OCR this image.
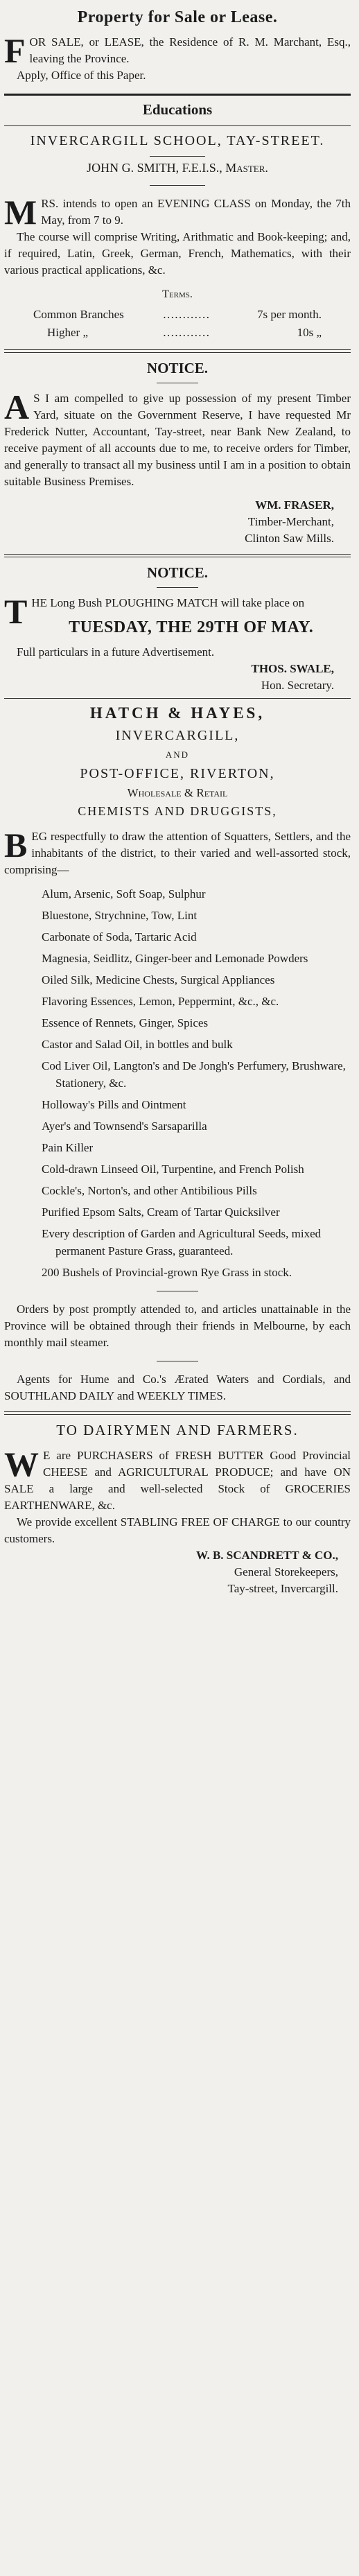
Property for Sale or Lease.

FOR SALE, or LEASE, the Residence of R. M. Marchant, Esq., leaving the Province.

Apply, Office of this Paper.

Educations
INVERCARGILL SCHOOL, TAY-STREET.
JOHN G. SMITH, F.E.I.S., Master.

MRS. intends to open an EVENING CLASS on Monday, the 7th May, from 7 to 9.

The course will comprise Writing, Arithmatic and Book-keeping; and, if required, Latin, Greek, German, French, Mathematics, with their various practical applications, &c.

Terms.
Common Branches	…………	7s per month.
Higher „	…………	10s „
NOTICE.

AS I am compelled to give up possession of my present Timber Yard, situate on the Government Reserve, I have requested Mr Frederick Nutter, Accountant, Tay-street, near Bank New Zealand, to receive payment of all accounts due to me, to receive orders for Timber, and generally to transact all my business until I am in a position to obtain suitable Business Premises.

WM. FRASER,
Timber-Merchant,
Clinton Saw Mills.
NOTICE.

THE Long Bush PLOUGHING MATCH will take place on

TUESDAY, THE 29TH OF MAY.

Full particulars in a future Advertisement.

THOS. SWALE,
Hon. Secretary.
HATCH & HAYES,
INVERCARGILL,
AND
POST-OFFICE, RIVERTON,
Wholesale & Retail
CHEMISTS AND DRUGGISTS,

BEG respectfully to draw the attention of Squatters, Settlers, and the inhabitants of the district, to their varied and well-assorted stock, comprising—

Alum, Arsenic, Soft Soap, Sulphur
Bluestone, Strychnine, Tow, Lint
Carbonate of Soda, Tartaric Acid
Magnesia, Seidlitz, Ginger-beer and Lemonade Powders
Oiled Silk, Medicine Chests, Surgical Appliances
Flavoring Essences, Lemon, Peppermint, &c., &c.
Essence of Rennets, Ginger, Spices
Castor and Salad Oil, in bottles and bulk
Cod Liver Oil, Langton's and De Jongh's Perfumery, Brushware, Stationery, &c.
Holloway's Pills and Ointment
Ayer's and Townsend's Sarsaparilla
Pain Killer
Cold-drawn Linseed Oil, Turpentine, and French Polish
Cockle's, Norton's, and other Antibilious Pills
Purified Epsom Salts, Cream of Tartar Quicksilver
Every description of Garden and Agricultural Seeds, mixed permanent Pasture Grass, guaranteed.
200 Bushels of Provincial-grown Rye Grass in stock.

Orders by post promptly attended to, and articles unattainable in the Province will be obtained through their friends in Melbourne, by each monthly mail steamer.

Agents for Hume and Co.'s Ærated Waters and Cordials, and SOUTHLAND DAILY and WEEKLY TIMES.

TO DAIRYMEN AND FARMERS.

WE are PURCHASERS of FRESH BUTTER Good Provincial CHEESE and AGRICULTURAL PRODUCE; and have ON SALE a large and well-selected Stock of GROCERIES EARTHENWARE, &c.

We provide excellent STABLING FREE OF CHARGE to our country customers.

W. B. SCANDRETT & CO.,
General Storekeepers,
Tay-street, Invercargill.
